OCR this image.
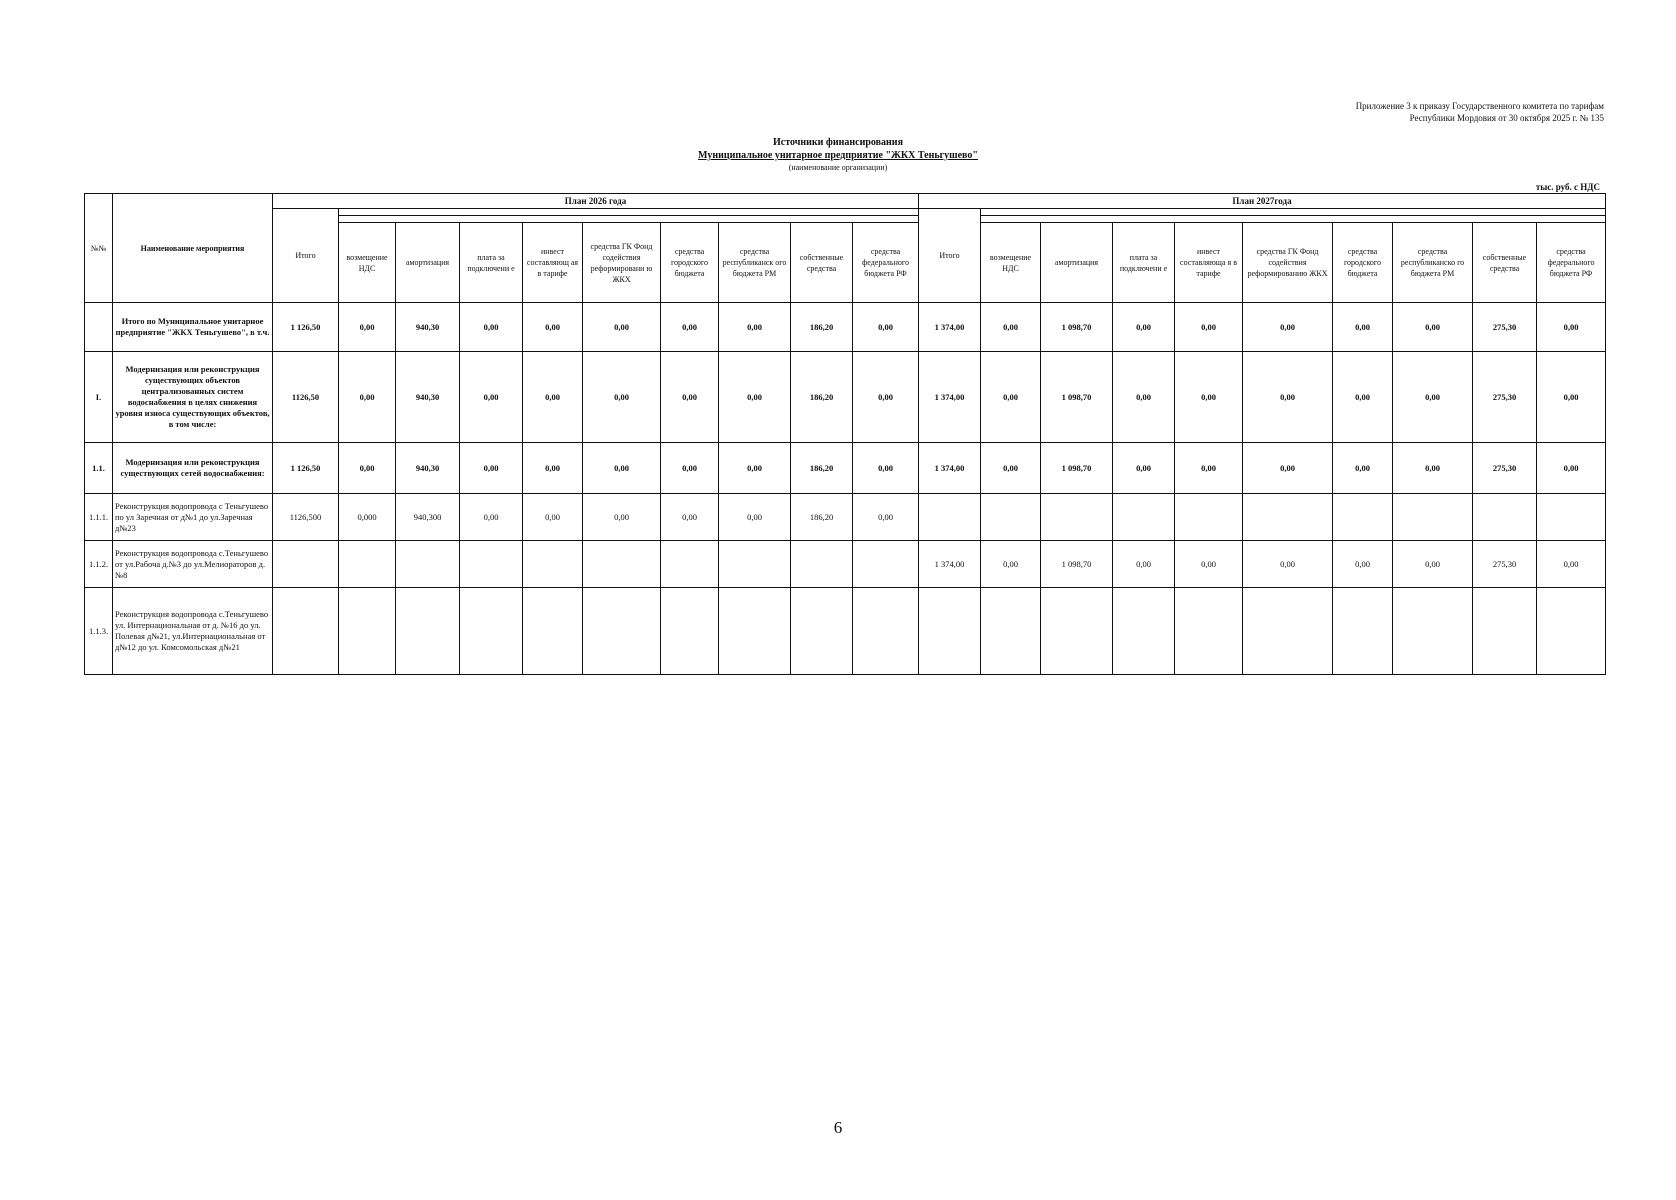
Приложение 3 к приказу Государственного комитета по тарифам
Республики Мордовия от 30 октября 2025 г. № 135
Источники финансирования
Муниципальное унитарное предприятие "ЖКХ Теньгушево"
(наименование организации)
тыс. руб. с НДС
№№	Наименование мероприятия	План 2026 года										План 2027года									
		Итого										Итого									

			возмещение НДС	амортизация	плата за подключени е	инвест составляющ ая в тарифе	средства ГК Фонд содействия реформировани ю ЖКХ	средства городского бюджета	средства республиканск ого бюджета РМ	собственные средства	средства федерального бюджета РФ		возмещение НДС	амортизация	плата за подключени е	инвест составляюща я в тарифе	средства ГК Фонд содействия реформированию ЖКХ	средства городского бюджета	средства республиканско го бюджета РМ	собственные средства	средства федерального бюджета РФ
	Итого по Муниципальное унитарное предприятие "ЖКХ Теньгушево", в т.ч.	1 126,50	0,00	940,30	0,00	0,00	0,00	0,00	0,00	186,20	0,00	1 374,00	0,00	1 098,70	0,00	0,00	0,00	0,00	0,00	275,30	0,00
I.	Модернизация или реконструкция существующих объектов централизованных систем водоснабжения в целях снижения уровня износа существующих объектов, в том числе:	1126,50	0,00	940,30	0,00	0,00	0,00	0,00	0,00	186,20	0,00	1 374,00	0,00	1 098,70	0,00	0,00	0,00	0,00	0,00	275,30	0,00
1.1.	Модернизация или реконструкция существующих сетей водоснабжения:	1 126,50	0,00	940,30	0,00	0,00	0,00	0,00	0,00	186,20	0,00	1 374,00	0,00	1 098,70	0,00	0,00	0,00	0,00	0,00	275,30	0,00
1.1.1.	Реконструкция водопровода с Теньгушево по ул Заречная от д№1 до ул.Заречная д№23	1126,500	0,000	940,300	0,00	0,00	0,00	0,00	0,00	186,20	0,00										
1.1.2.	Реконструкция водопровода с.Теньгушево от ул.Рабоча д.№3 до ул.Мелиораторов д. №8											1 374,00	0,00	1 098,70	0,00	0,00	0,00	0,00	0,00	275,30	0,00
1.1.3.	Реконструкция водопровода с.Теньгушево ул. Интернациональная от д. №16 до ул. Полевая д№21, ул.Интернациональная от д№12 до ул. Комсомольская д№21																				
6
